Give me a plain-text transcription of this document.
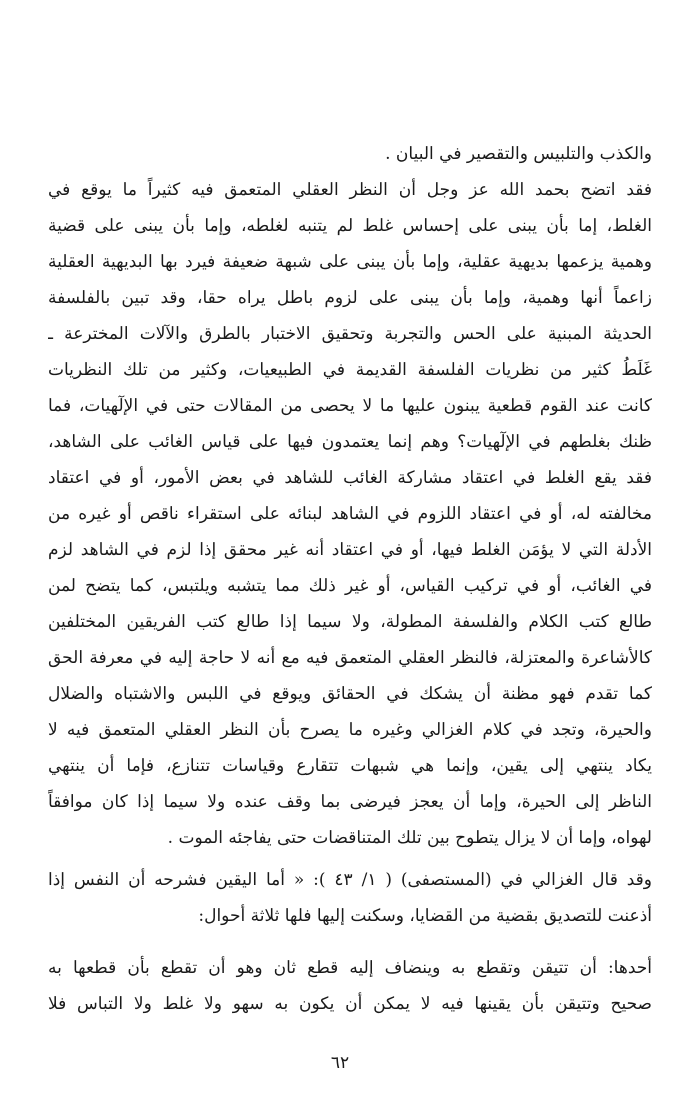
والكذب والتلبيس والتقصير في البيان .
فقد اتضح بحمد الله عز وجل أن النظر العقلي المتعمق فيه كثيراً ما يوقع في
الغلط، إما بأن يبنى على إحساس غلط لم يتنبه لغلطه، وإما بأن يبنى على قضية
وهمية يزعمها بديهية عقلية، وإما بأن يبنى على شبهة ضعيفة فيرد بها البديهية العقلية
زاعماً أنها وهمية، وإما بأن يبنى على لزوم باطل يراه حقا، وقد تبين بالفلسفة
الحديثة المبنية على الحس والتجربة وتحقيق الاختبار بالطرق والآلات المخترعة ـ
غَلَطُ كثير من نظريات الفلسفة القديمة في الطبيعيات، وكثير من تلك النظريات
كانت عند القوم قطعية يبنون عليها ما لا يحصى من المقالات حتى في الإلٓهيات، فما
ظنك بغلطهم في الإلٓهيات؟ وهم إنما يعتمدون فيها على قياس الغائب على الشاهد،
فقد يقع الغلط في اعتقاد مشاركة الغائب للشاهد في بعض الأمور، أو في اعتقاد
مخالفته له، أو في اعتقاد اللزوم في الشاهد لبنائه على استقراء ناقص أو غيره من
الأدلة التي لا يؤمَن الغلط فيها، أو في اعتقاد أنه غير محقق إذا لزم في الشاهد لزم
في الغائب، أو في تركيب القياس، أو غير ذلك مما يتشبه ويلتبس، كما يتضح لمن
طالع كتب الكلام والفلسفة المطولة، ولا سيما إذا طالع كتب الفريقين المختلفين
كالأشاعرة والمعتزلة، فالنظر العقلي المتعمق فيه مع أنه لا حاجة إليه في معرفة الحق
كما تقدم فهو مظنة أن يشكك في الحقائق ويوقع في اللبس والاشتباه والضلال
والحيرة، وتجد في كلام الغزالي وغيره ما يصرح بأن النظر العقلي المتعمق فيه لا
يكاد ينتهي إلى يقين، وإنما هي شبهات تتقارع وقياسات تتنازع، فإما أن ينتهي
الناظر إلى الحيرة، وإما أن يعجز فيرضى بما وقف عنده ولا سيما إذا كان موافقاً
لهواه، وإما أن لا يزال يتطوح بين تلك المتناقضات حتى يفاجئه الموت .
وقد قال الغزالي في (المستصفى) ( ١/ ٤٣ ): « أما اليقين فشرحه أن النفس إذا
أذعنت للتصديق بقضية من القضايا، وسكنت إليها فلها ثلاثة أحوال:
أحدها: أن تتيقن وتقطع به وينضاف إليه قطع ثان وهو أن تقطع بأن قطعها به
صحيح وتتيقن بأن يقينها فيه لا يمكن أن يكون به سهو ولا غلط ولا التباس فلا
٦٢
